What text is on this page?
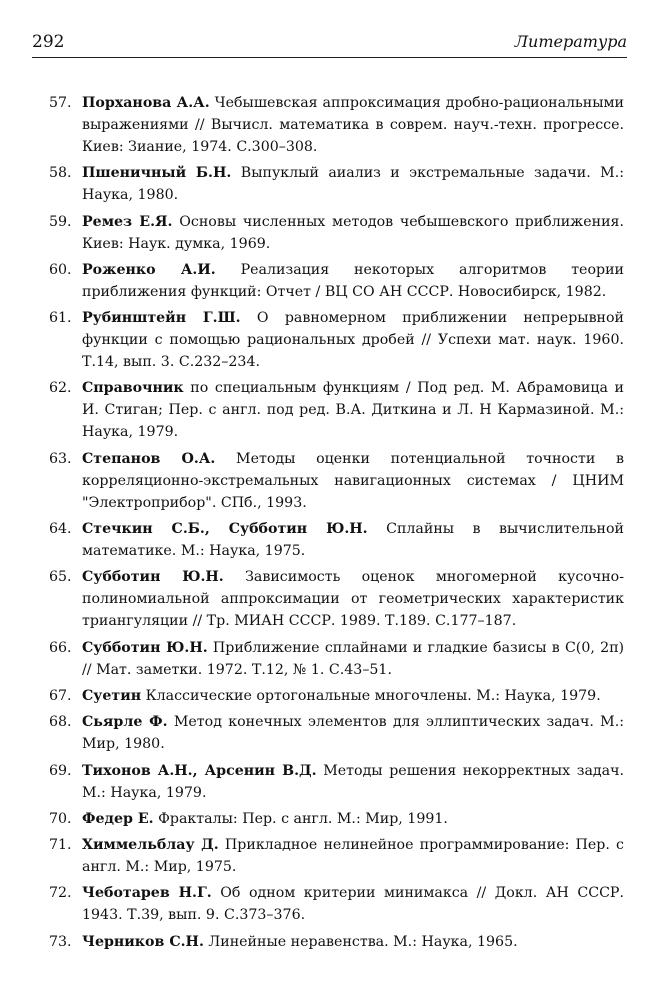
292	Литература
57. Порханова А.А. Чебышевская аппроксимация дробно-рациональными выражениями // Вычисл. математика в соврем. науч.-техн. прогрессе. Киев: Зиание, 1974. С.300–308.
58. Пшеничный Б.Н. Выпуклый аиализ и экстремальные задачи. М.: Наука, 1980.
59. Ремез Е.Я. Основы численных методов чебышевского приближения. Киев: Наук. думка, 1969.
60. Роженко А.И. Реализация некоторых алгоритмов теории приближения функций: Отчет / ВЦ СО АН СССР. Новосибирск, 1982.
61. Рубинштейн Г.Ш. О равномерном приближении непрерывной функции с помощью рациональных дробей // Успехи мат. наук. 1960. Т.14, вып. 3. С.232–234.
62. Справочник по специальным функциям / Под ред. М. Абрамовица и И. Стиган; Пер. с англ. под ред. В.А. Диткина и Л. Н Кармазиной. М.: Наука, 1979.
63. Степанов О.А. Методы оценки потенциальной точности в корреляционно-экстремальных навигационных системах / ЦНИМ "Электроприбор". СПб., 1993.
64. Стечкин С.Б., Субботин Ю.Н. Сплайны в вычислительной математике. М.: Наука, 1975.
65. Субботин Ю.Н. Зависимость оценок многомерной кусочно-полиномиальной аппроксимации от геометрических характеристик триангуляции // Тр. МИАН СССР. 1989. Т.189. С.177–187.
66. Субботин Ю.Н. Приближение сплайнами и гладкие базисы в C(0, 2π) // Мат. заметки. 1972. Т.12, № 1. С.43–51.
67. Суетин Классические ортогональные многочлены. М.: Наука, 1979.
68. Сьярле Ф. Метод конечных элементов для эллиптических задач. М.: Мир, 1980.
69. Тихонов А.Н., Арсенин В.Д. Методы решения некорректных задач. М.: Наука, 1979.
70. Федер Е. Фракталы: Пер. с англ. М.: Мир, 1991.
71. Химмельблау Д. Прикладное нелинейное программирование: Пер. с англ. М.: Мир, 1975.
72. Чеботарев Н.Г. Об одном критерии минимакса // Докл. АН СССР. 1943. Т.39, вып. 9. С.373–376.
73. Черников С.Н. Линейные неравенства. М.: Наука, 1965.
